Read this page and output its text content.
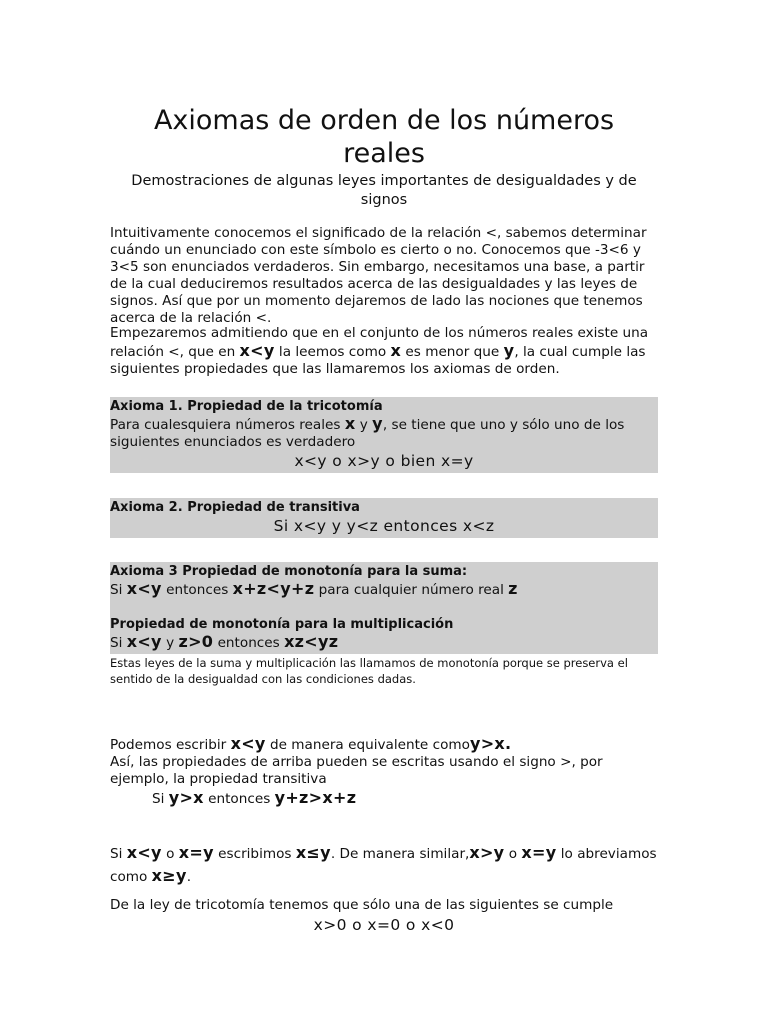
Axiomas de orden de los números reales

Demostraciones de algunas leyes importantes de desigualdades y de signos

Intuitivamente conocemos el significado de la relación <, sabemos determinar cuándo un enunciado con este símbolo es cierto o no. Conocemos que -3<6 y 3<5 son enunciados verdaderos. Sin embargo, necesitamos una base, a partir de la cual deduciremos resultados acerca de las desigualdades y las leyes de signos. Así que por un momento dejaremos de lado las nociones que tenemos acerca de la relación <.

Empezaremos admitiendo que en el conjunto de los números reales existe una relación <, que en x<y la leemos como x es menor que y, la cual cumple las siguientes propiedades que las llamaremos los axiomas de orden.

Axioma 1. Propiedad de la tricotomía

Para cualesquiera números reales x y y, se tiene que uno y sólo uno de los siguientes enunciados es verdadero

x<y o x>y o bien x=y

Axioma 2. Propiedad de transitiva

Si x<y y y<z entonces x<z

Axioma 3 Propiedad de monotonía para la suma:

Si x<y entonces x+z<y+z para cualquier número real z

Propiedad de monotonía para la multiplicación

Si x<y y z>0 entonces xz<yz

Estas leyes de la suma y multiplicación las llamamos de monotonía porque se preserva el sentido de la desigualdad con las condiciones dadas.

Podemos escribir x<y de manera equivalente comoy>x.
Así, las propiedades de arriba pueden se escritas usando el signo >, por ejemplo, la propiedad transitiva

Si y>x entonces y+z>x+z

Si x<y o x=y escribimos x≤y. De manera similar,x>y o x=y lo abreviamos como x≥y.

De la ley de tricotomía tenemos que sólo una de las siguientes se cumple

x>0 o x=0 o x<0
